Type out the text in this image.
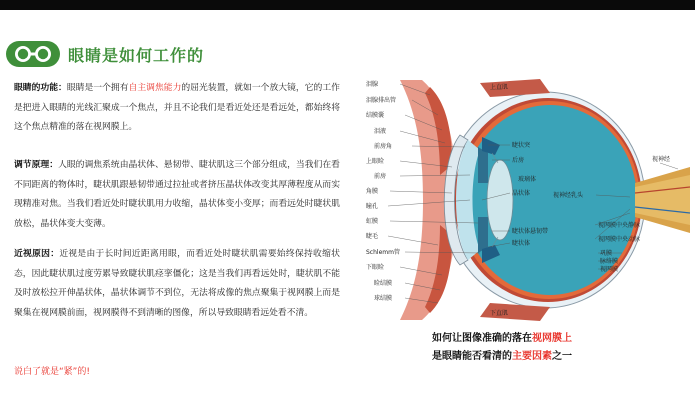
眼睛是如何工作的
眼睛的功能：眼睛是一个拥有自主调焦能力的屈光装置，就如一个放大镜，它的工作是把进入眼睛的光线汇聚成一个焦点，并且不论我们是看近处还是看远处，都始终将这个焦点精准的落在视网膜上。
调节原理：人眼的调焦系统由晶状体、悬韧带、睫状肌这三个部分组成，当我们在看不同距离的物体时，睫状肌跟悬韧带通过拉扯或者挤压晶状体改变其厚薄程度从而实现精准对焦。当我们看近处时睫状肌用力收缩，晶状体变小变厚；而看远处时睫状肌放松，晶状体变大变薄。
近视原因：近视是由于长时间近距离用眼，而看近处时睫状肌需要始终保持收缩状态，因此睫状肌过度劳累导致睫状肌痉挛僵化；这是当我们再看远处时，睫状肌不能及时放松拉开伸晶状体，晶状体调节不到位，无法将成像的焦点聚集于视网膜上而是聚集在视网膜前面，视网膜得不到清晰的图像，所以导致眼睛看远处看不清。
说白了就是“紧”的!
泪腺
泪腺排出管
结膜囊
泪液
前房角
上眼睑
前房
角膜
瞳孔
虹膜
睫毛
Schlemm管
下眼睑
睑结膜
球结膜
睫状突
后房
玻璃体
晶状体
睫状体悬韧带
睫状体
视神经
视神经乳头
视网膜中央静脉
视网膜中央动脉
巩膜
脉络膜
视网膜
上直肌
下直肌
如何让图像准确的落在视网膜上
是眼睛能否看清的主要因素之一
